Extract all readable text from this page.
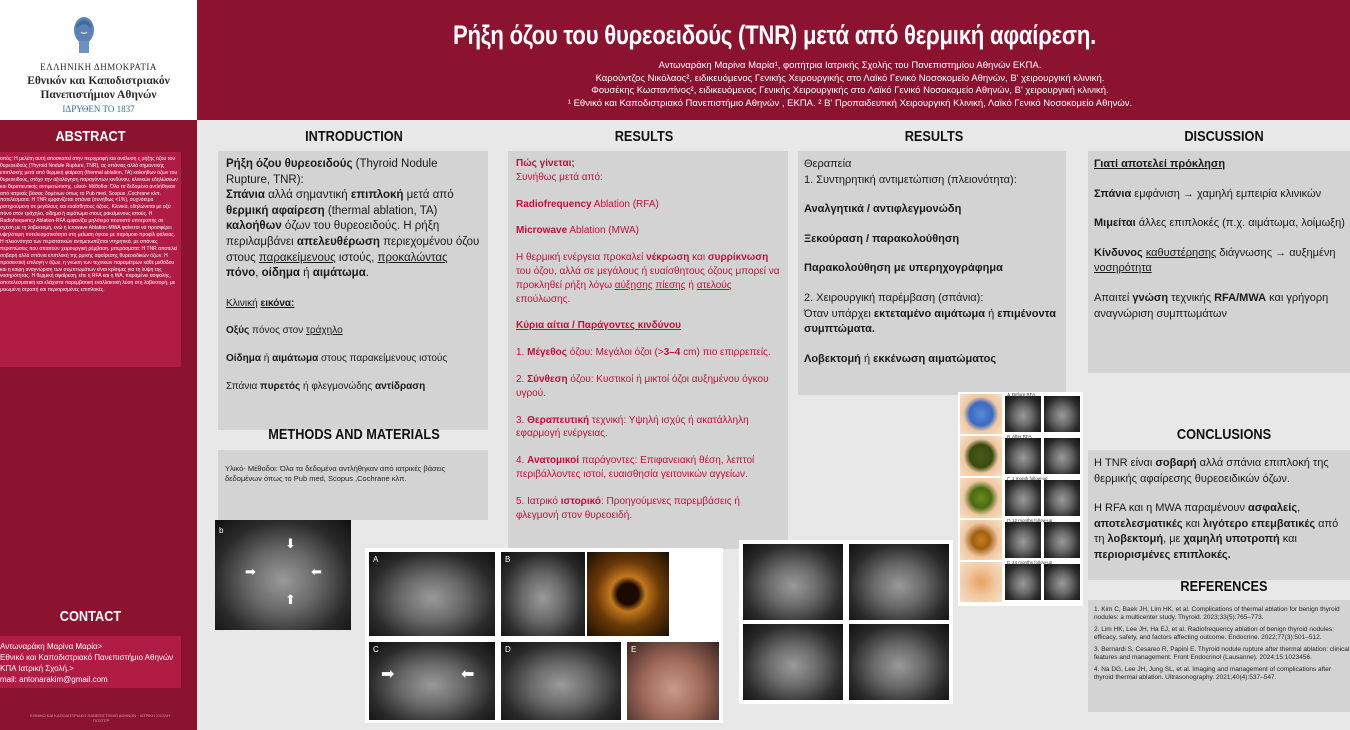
ΕΛΛΗΝΙΚΗ ΔΗΜΟΚΡΑΤΙΑ
Εθνικόν και Καποδιστριακόν
Πανεπιστήμιον Αθηνών
ΙΔΡΥΘΕΝ ΤΟ 1837
Ρήξη όζου του θυρεοειδούς (TNR) μετά από θερμική αφαίρεση.
Αντωναράκη Μαρίνα Μαρία¹, φοιτήτρια Ιατρικής Σχολής του Πανεπιστημίου Αθηνών ΕΚΠΑ.
Καρούντζος Νικόλαος², ειδικευόμενος Γενικής Χειρουργικής στο Λαϊκό Γενικό Νοσοκομείο Αθηνών, Β' χειρουργική κλινική.
Φουσέκης Κωσταντίνος², ειδικευόμενος Γενικής Χειρουργικής στο Λαϊκό Γενικό Νοσοκομείο Αθηνών, Β' χειρουργική κλινική.
¹ Εθνικό και Καποδιστριακό Πανεπιστήμιο Αθηνών , ΕΚΠΑ. ² Β' Προπαιδευτική Χειρουργική Κλινική, Λαϊκό Γενικό Νοσοκομείο Αθηνών.
ABSTRACT
οπός: Η μελέτη αυτή αποσκοπεί στην περιγραφή και ανάλυση ς ρήξης όζου του θυρεοειδούς (Thyroid Nodule Rupture, TNR), ας σπάνιας αλλά σημαντικής επιπλοκής μετά από θερμική φαίρεση (thermal ablation, TA) καλοήθων όζων του θυρεοειδούς, στόχο την αξιολόγηση παραγόντων κινδύνου, κλινικών εδηλώσεων και θεραπευτικής αντιμετώπισης. υλικό- Μέθοδοι: Όλα τα δεδομένα αντλήθηκαν από ιατρικές βάσεις δομένων όπως το Pub med, Scopus ,Cochrane κλπ. ποτελέσματα: Η TNR εμφανίζεται σπάνια (συνήθως <1%), συχνότερα ρατηρούμενη σε μεγάλους και ευαίσθητους όζους. Κλινικά, εδηλώνεται με οξύ πόνο στον τράχηλο, οίδημα ή αιμάτωμα στους ρακείμενους ιστούς. Η Radiofrequency Ablation-RFA εμφανίζει μηλότερο ποσοστό υποτροπής σε σχέση με τη λοβεκτομή, ενώ η icrowave Ablation-MWA φαίνεται να προσφέρει υψηλότερη ποτελεσματικότητα στη μείωση όγκου με παρόμοιο προφίλ φάλειας. Η πλειονότητα των περιστατικών αντιμετωπίζεται ντηρητικά, με σπάνιες περιπτώσεις που απαιτούν χειρουργική ρέμβαση. μπεράσματα: Η TNR αποτελεί σοβαρή αλλά σπάνια επιπλοκή της ρμικής αφαίρεσης θυρεοειδικών όζων. Η προσεκτική επιλογή ν όζων, η γνώση των τεχνικών παραμέτρων κάθε μεθόδου και η καιρη αναγνώριση των συμπτωμάτων είναι κρίσιμες για τη λύψη της νοσηρότητας. Η θερμική αφαίρεση, είτε η RFA και η WA, παραμένει ασφαλής, αποτελεσματική και ελάχιστα παρεμβατική εναλλακτική λύση στη λοβεκτομή, με μειωμένη οτροπή και περιορισμένες επιπλοκές.
CONTACT
Αντωναράκη Μαρίνα Μαρία>
Εθνικό και Καποδιστριακό Πανεπιστήμιο Αθηνών
ΚΠΑ Ιατρική Σχολή.>
mail: antonarakim@gmail.com
ΕΘΝΙΚΟ ΚΑΙ ΚΑΠΟΔΙΣΤΡΙΑΚΟ ΠΑΝΕΠΙΣΤΗΜΙΟ ΑΘΗΝΩΝ · ΙΑΤΡΙΚΗ ΣΧΟΛΗ · ΠΟΣΤΕΡ
INTRODUCTION
Ρήξη όζου θυρεοειδούς (Thyroid Nodule Rupture, TNR):
Σπάνια αλλά σημαντική επιπλοκή μετά από θερμική αφαίρεση (thermal ablation, TA) καλοήθων όζων του θυρεοειδούς. Η ρήξη περιλαμβάνει απελευθέρωση περιεχομένου όζου στους παρακείμενους ιστούς, προκαλώντας πόνο, οίδημα ή αιμάτωμα.
Κλινική εικόνα:
Οξύς πόνος στον τράχηλο
Οίδημα ή αιμάτωμα στους παρακείμενους ιστούς
Σπάνια πυρετός ή φλεγμονώδης αντίδραση
METHODS AND MATERIALS
Υλικό- Μέθοδοι: Όλα τα δεδομένα αντλήθηκαν από ιατρικές βάσεις δεδομένων όπως το Pub med, Scopus ,Cochrane κλπ.
RESULTS
Πώς γίνεται;
Συνήθως μετά από:
Radiofrequency Ablation (RFA)
Microwave Ablation (MWA)
Η θερμική ενέργεια προκαλεί νέκρωση και συρρίκνωση του όζου, αλλά σε μεγάλους ή ευαίσθητους όζους μπορεί να προκληθεί ρήξη λόγω αύξησης πίεσης ή ατελούς επούλωσης.
Κύρια αίτια / Παράγοντες κινδύνου
1. Μέγεθος όζου: Μεγάλοι όζοι (>3–4 cm) πιο επιρρεπείς.
2. Σύνθεση όζου: Κυστικοί ή μικτοί όζοι αυξημένου όγκου υγρού.
3. Θεραπευτική τεχνική: Υψηλή ισχύς ή ακατάλληλη εφαρμογή ενέργειας.
4. Ανατομικοί παράγοντες: Επιφανειακή θέση, λεπτοί περιβάλλοντες ιστοί, ευαισθησία γειτονικών αγγείων.
5. Ιατρικό ιστορικό: Προηγούμενες παρεμβάσεις ή φλεγμονή στον θυρεοειδή.
RESULTS
Θεραπεία
1. Συντηρητική αντιμετώπιση (πλειονότητα):
Αναλγητικά / αντιφλεγμονώδη
Ξεκούραση / παρακολούθηση
Παρακολούθηση με υπερηχογράφημα
2. Χειρουργική παρέμβαση (σπάνια):
Όταν υπάρχει εκτεταμένο αιμάτωμα ή επιμένοντα συμπτώματα.
Λοβεκτομή ή εκκένωση αιματώματος
DISCUSSION
Γιατί αποτελεί πρόκληση
Σπάνια εμφάνιση → χαμηλή εμπειρία κλινικών
Μιμείται άλλες επιπλοκές (π.χ. αιμάτωμα, λοίμωξη)
Κίνδυνος καθυστέρησης διάγνωσης → αυξημένη νοσηρότητα
Απαιτεί γνώση τεχνικής RFA/MWA και γρήγορη αναγνώριση συμπτωμάτων
CONCLUSIONS
Η TNR είναι σοβαρή αλλά σπάνια επιπλοκή της θερμικής αφαίρεσης θυρεοειδικών όζων.
Η RFA και η MWA παραμένουν ασφαλείς, αποτελεσματικές και λιγότερο επεμβατικές από τη λοβεκτομή, με χαμηλή υποτροπή και περιορισμένες επιπλοκές.
REFERENCES
1. Kim C, Baek JH, Lim HK, et al. Complications of thermal ablation for benign thyroid nodules: a multicenter study. Thyroid. 2023;33(5):765–773.
2. Lim HK, Lee JH, Ha EJ, et al. Radiofrequency ablation of benign thyroid nodules: efficacy, safety, and factors affecting outcome. Endocrine. 2022;77(3):501–512.
3. Bernardi S, Cesareo R, Papini E. Thyroid nodule rupture after thermal ablation: clinical features and management. Front Endocrinol (Lausanne). 2024;15:1023456.
4. Na DG, Lee JH, Jung SL, et al. Imaging and management of complications after thyroid thermal ablation. Ultrasonography. 2021;40(4):537–547.
b
⬇
➡	⬅
⬆
A	B
C
➡	⬅
D	E
A Before RFA
B After RFA
C 1 month follow-up
D 12 months follow-up
E 24 months follow-up
